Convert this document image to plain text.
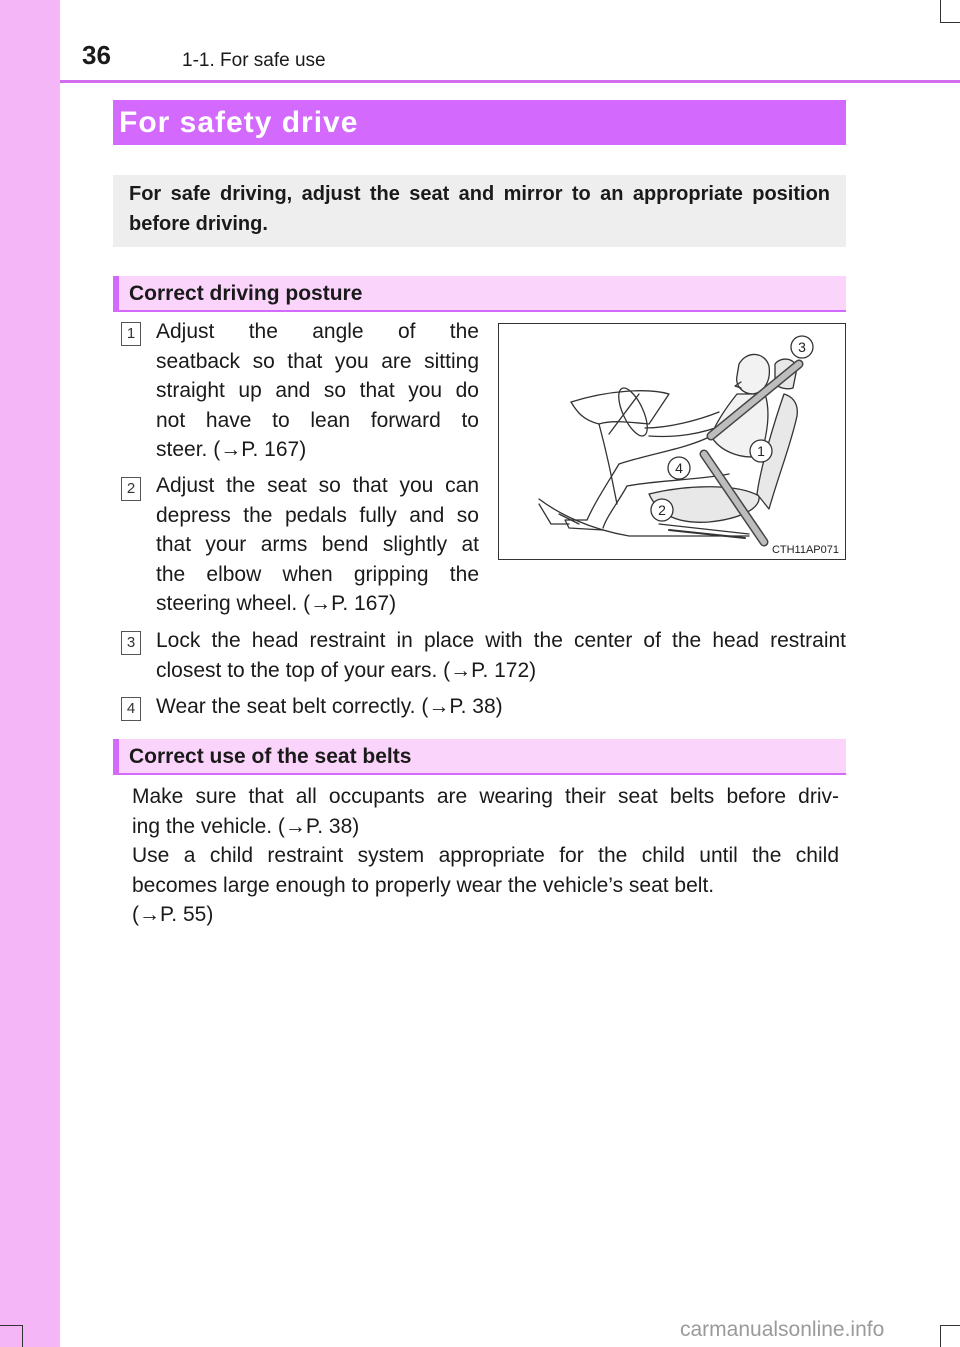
36	1-1. For safe use
For safety drive
For safe driving, adjust the seat and mirror to an appropriate position before driving.
Correct driving posture
1 Adjust the angle of the
seatback so that you are sitting
straight up and so that you do
not have to lean forward to
steer. (→P. 167)
2 Adjust the seat so that you can
depress the pedals fully and so
that your arms bend slightly at
the elbow when gripping the
steering wheel. (→P. 167)
3 Lock the head restraint in place with the center of the head restraint
closest to the top of your ears. (→P. 172)
4 Wear the seat belt correctly. (→P. 38)
3
1
4
2
CTH11AP071
Correct use of the seat belts
Make sure that all occupants are wearing their seat belts before driv-
ing the vehicle. (→P. 38)
Use a child restraint system appropriate for the child until the child
becomes large enough to properly wear the vehicle’s seat belt.
(→P. 55)
carmanualsonline.info
